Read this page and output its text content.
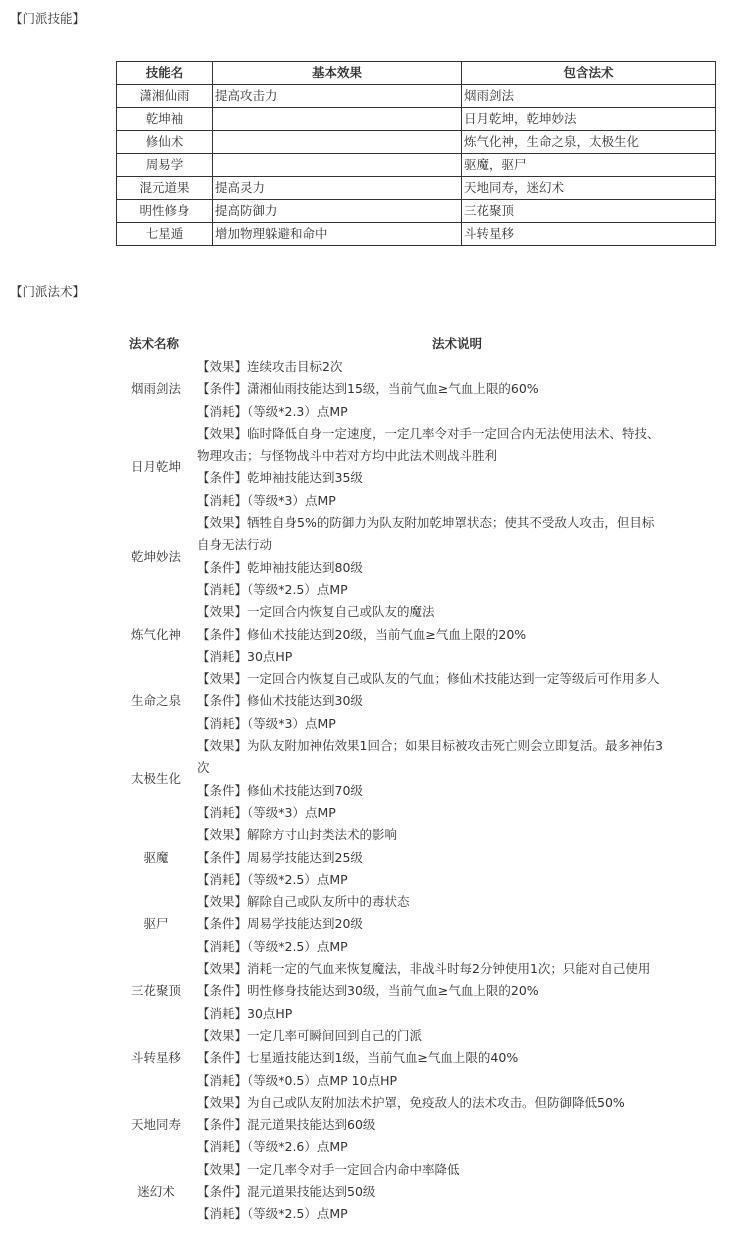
【门派技能】
技能名	基本效果	包含法术
潇湘仙雨	提高攻击力	烟雨剑法
乾坤袖		日月乾坤，乾坤妙法
修仙术		炼气化神，生命之泉，太极生化
周易学		驱魔，驱尸
混元道果	提高灵力	天地同寿，迷幻术
明性修身	提高防御力	三花聚顶
七星遁	增加物理躲避和命中	斗转星移
【门派法术】
法术名称	法术说明
烟雨剑法
【效果】连续攻击目标2次
【条件】潇湘仙雨技能达到15级，当前气血≥气血上限的60%
【消耗】（等级*2.3）点MP
日月乾坤
【效果】临时降低自身一定速度，一定几率令对手一定回合内无法使用法术、特技、
物理攻击；与怪物战斗中若对方均中此法术则战斗胜利
【条件】乾坤袖技能达到35级
【消耗】（等级*3）点MP
乾坤妙法
【效果】牺牲自身5%的防御力为队友附加乾坤罩状态；使其不受敌人攻击，但目标
自身无法行动
【条件】乾坤袖技能达到80级
【消耗】（等级*2.5）点MP
炼气化神
【效果】一定回合内恢复自己或队友的魔法
【条件】修仙术技能达到20级，当前气血≥气血上限的20%
【消耗】30点HP
生命之泉
【效果】一定回合内恢复自己或队友的气血；修仙术技能达到一定等级后可作用多人
【条件】修仙术技能达到30级
【消耗】（等级*3）点MP
太极生化
【效果】为队友附加神佑效果1回合；如果目标被攻击死亡则会立即复活。最多神佑3
次
【条件】修仙术技能达到70级
【消耗】（等级*3）点MP
驱魔
【效果】解除方寸山封类法术的影响
【条件】周易学技能达到25级
【消耗】（等级*2.5）点MP
驱尸
【效果】解除自己或队友所中的毒状态
【条件】周易学技能达到20级
【消耗】（等级*2.5）点MP
三花聚顶
【效果】消耗一定的气血来恢复魔法，非战斗时每2分钟使用1次；只能对自己使用
【条件】明性修身技能达到30级，当前气血≥气血上限的20%
【消耗】30点HP
斗转星移
【效果】一定几率可瞬间回到自己的门派
【条件】七星遁技能达到1级，当前气血≥气血上限的40%
【消耗】（等级*0.5）点MP 10点HP
天地同寿
【效果】为自己或队友附加法术护罩，免疫敌人的法术攻击。但防御降低50%
【条件】混元道果技能达到60级
【消耗】（等级*2.6）点MP
迷幻术
【效果】一定几率令对手一定回合内命中率降低
【条件】混元道果技能达到50级
【消耗】（等级*2.5）点MP
